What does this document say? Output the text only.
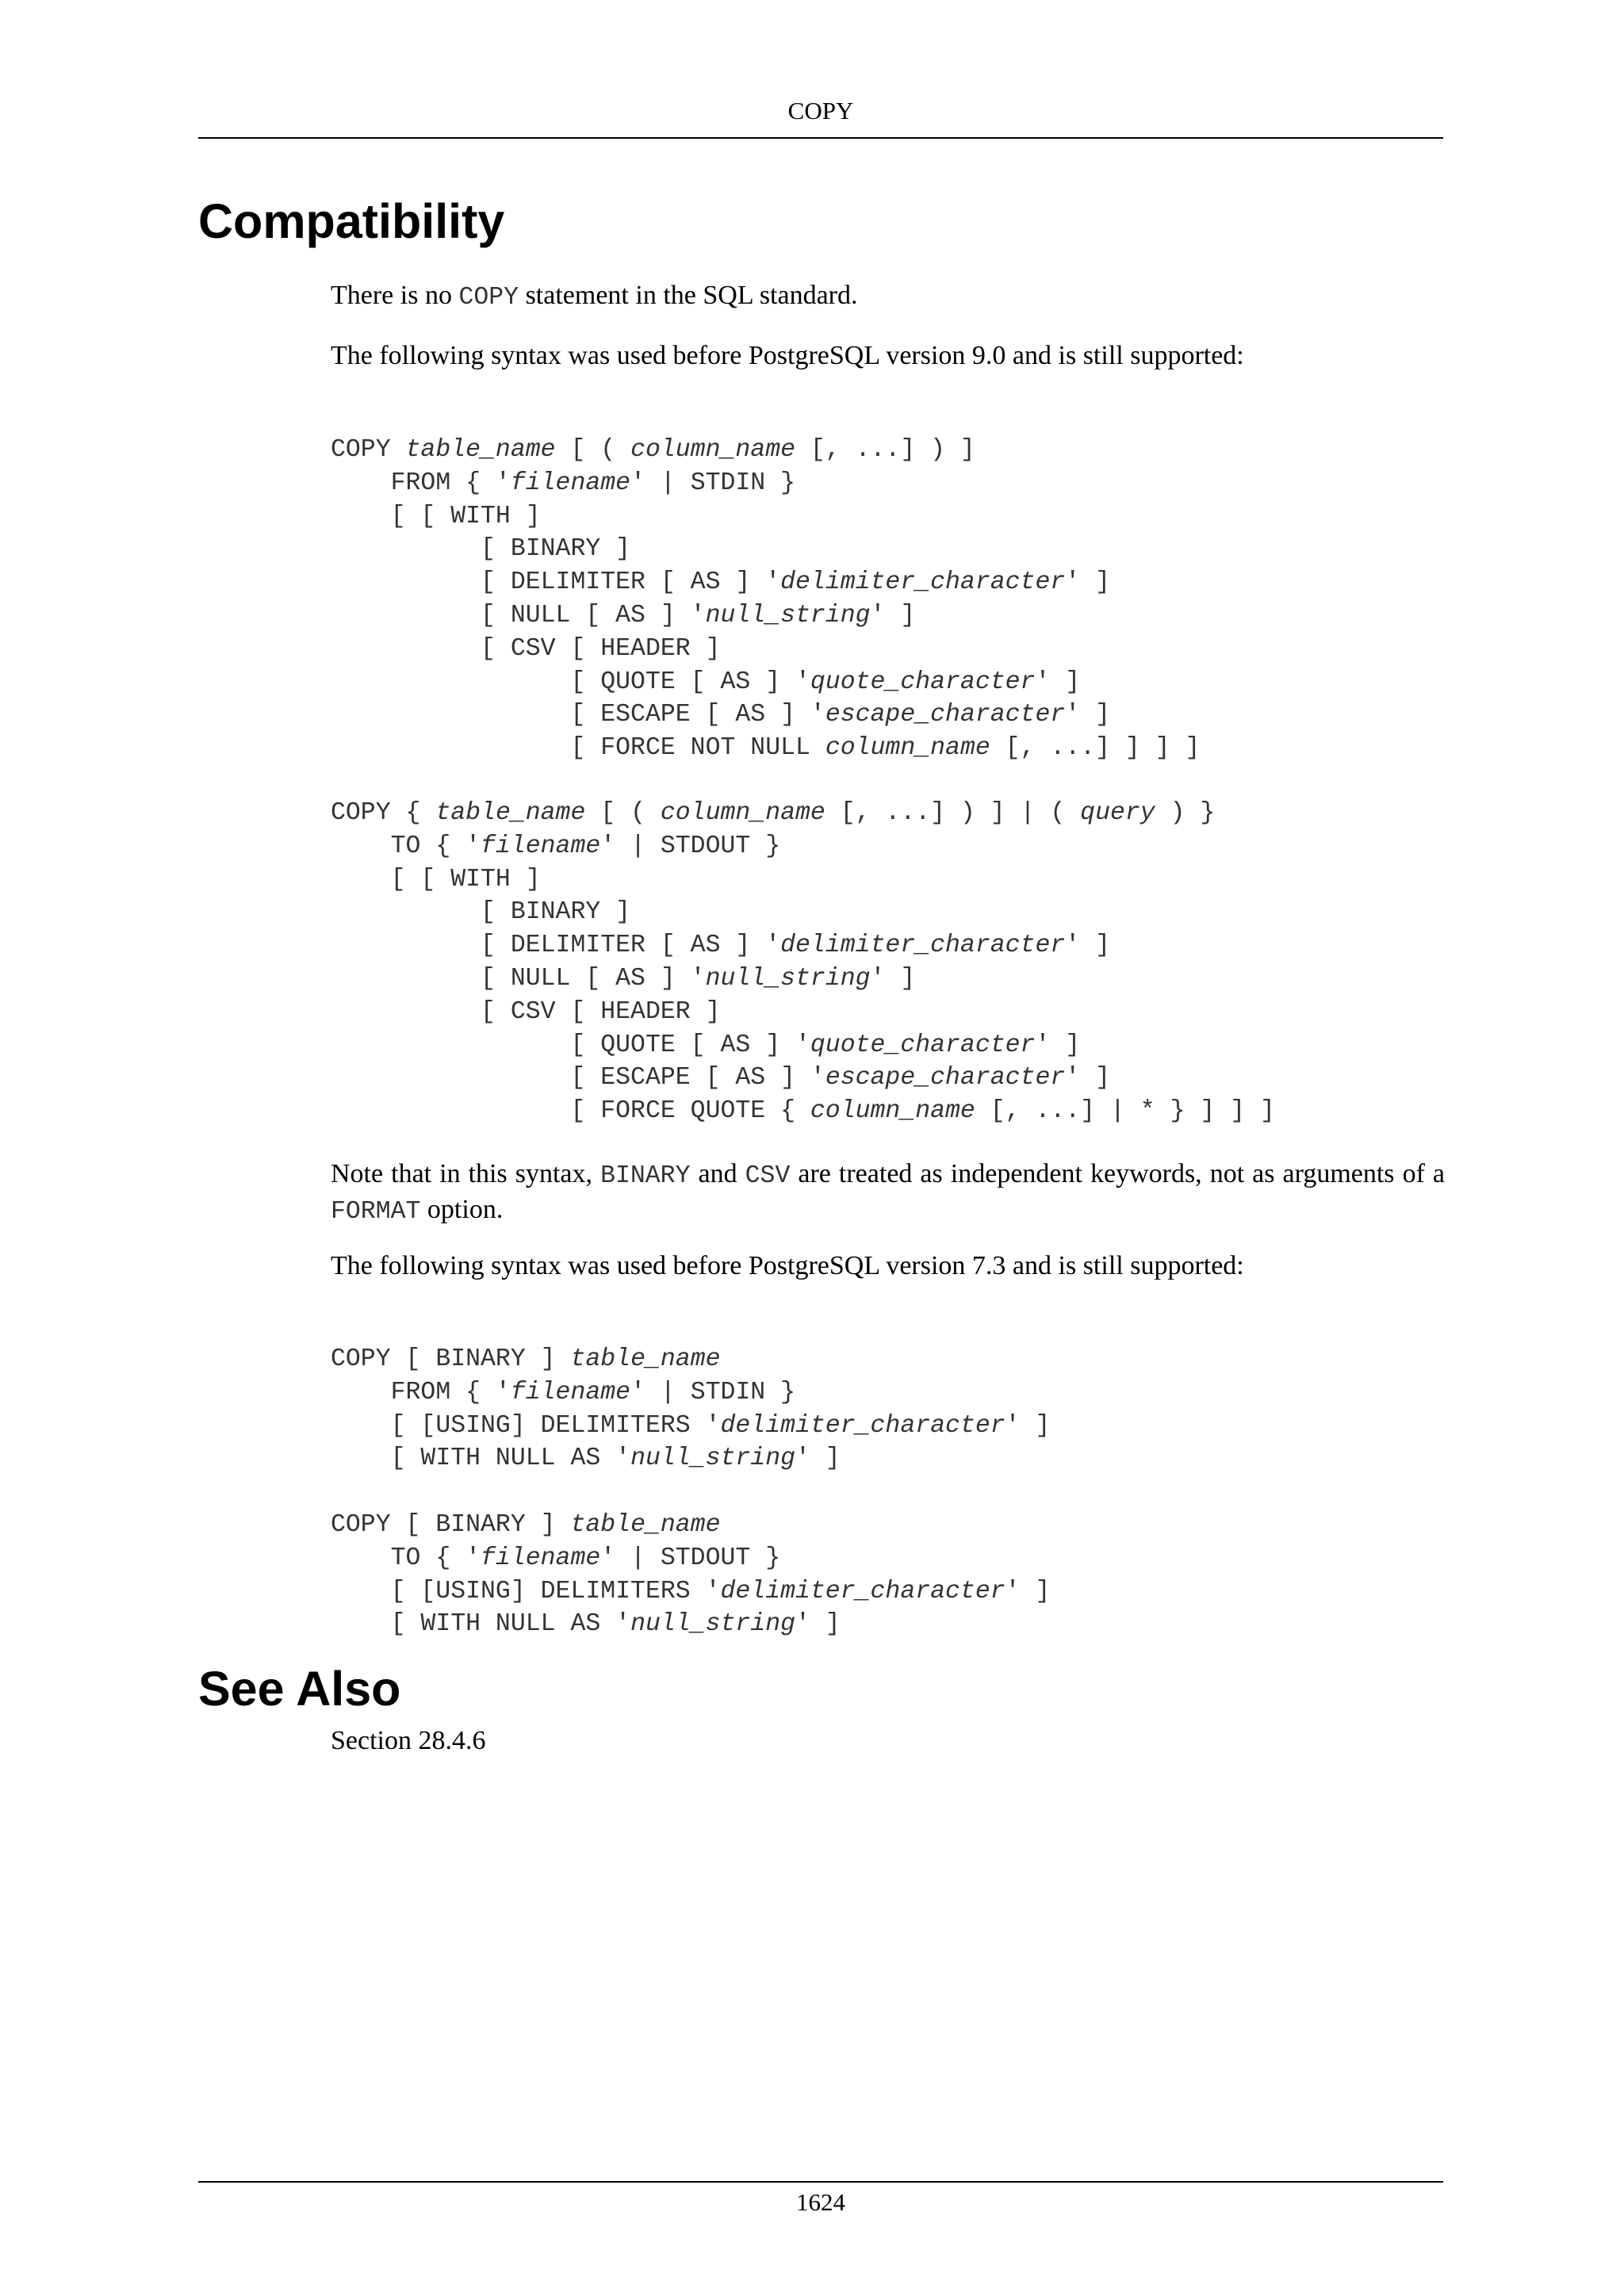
COPY
Compatibility

There is no COPY statement in the SQL standard.

The following syntax was used before PostgreSQL version 9.0 and is still supported:

COPY table_name [ ( column_name [, ...] ) ]
FROM { 'filename' | STDIN }
[ [ WITH ]
[ BINARY ]
[ DELIMITER [ AS ] 'delimiter_character' ]
[ NULL [ AS ] 'null_string' ]
[ CSV [ HEADER ]
[ QUOTE [ AS ] 'quote_character' ]
[ ESCAPE [ AS ] 'escape_character' ]
[ FORCE NOT NULL column_name [, ...] ] ] ]
COPY { table_name [ ( column_name [, ...] ) ] | ( query ) }
TO { 'filename' | STDOUT }
[ [ WITH ]
[ BINARY ]
[ DELIMITER [ AS ] 'delimiter_character' ]
[ NULL [ AS ] 'null_string' ]
[ CSV [ HEADER ]
[ QUOTE [ AS ] 'quote_character' ]
[ ESCAPE [ AS ] 'escape_character' ]
[ FORCE QUOTE { column_name [, ...] | * } ] ] ]

Note that in this syntax, BINARY and CSV are treated as independent keywords, not as arguments of a FORMAT option.

The following syntax was used before PostgreSQL version 7.3 and is still supported:

COPY [ BINARY ] table_name
FROM { 'filename' | STDIN }
[ [USING] DELIMITERS 'delimiter_character' ]
[ WITH NULL AS 'null_string' ]
COPY [ BINARY ] table_name
TO { 'filename' | STDOUT }
[ [USING] DELIMITERS 'delimiter_character' ]
[ WITH NULL AS 'null_string' ]
See Also

Section 28.4.6

1624
